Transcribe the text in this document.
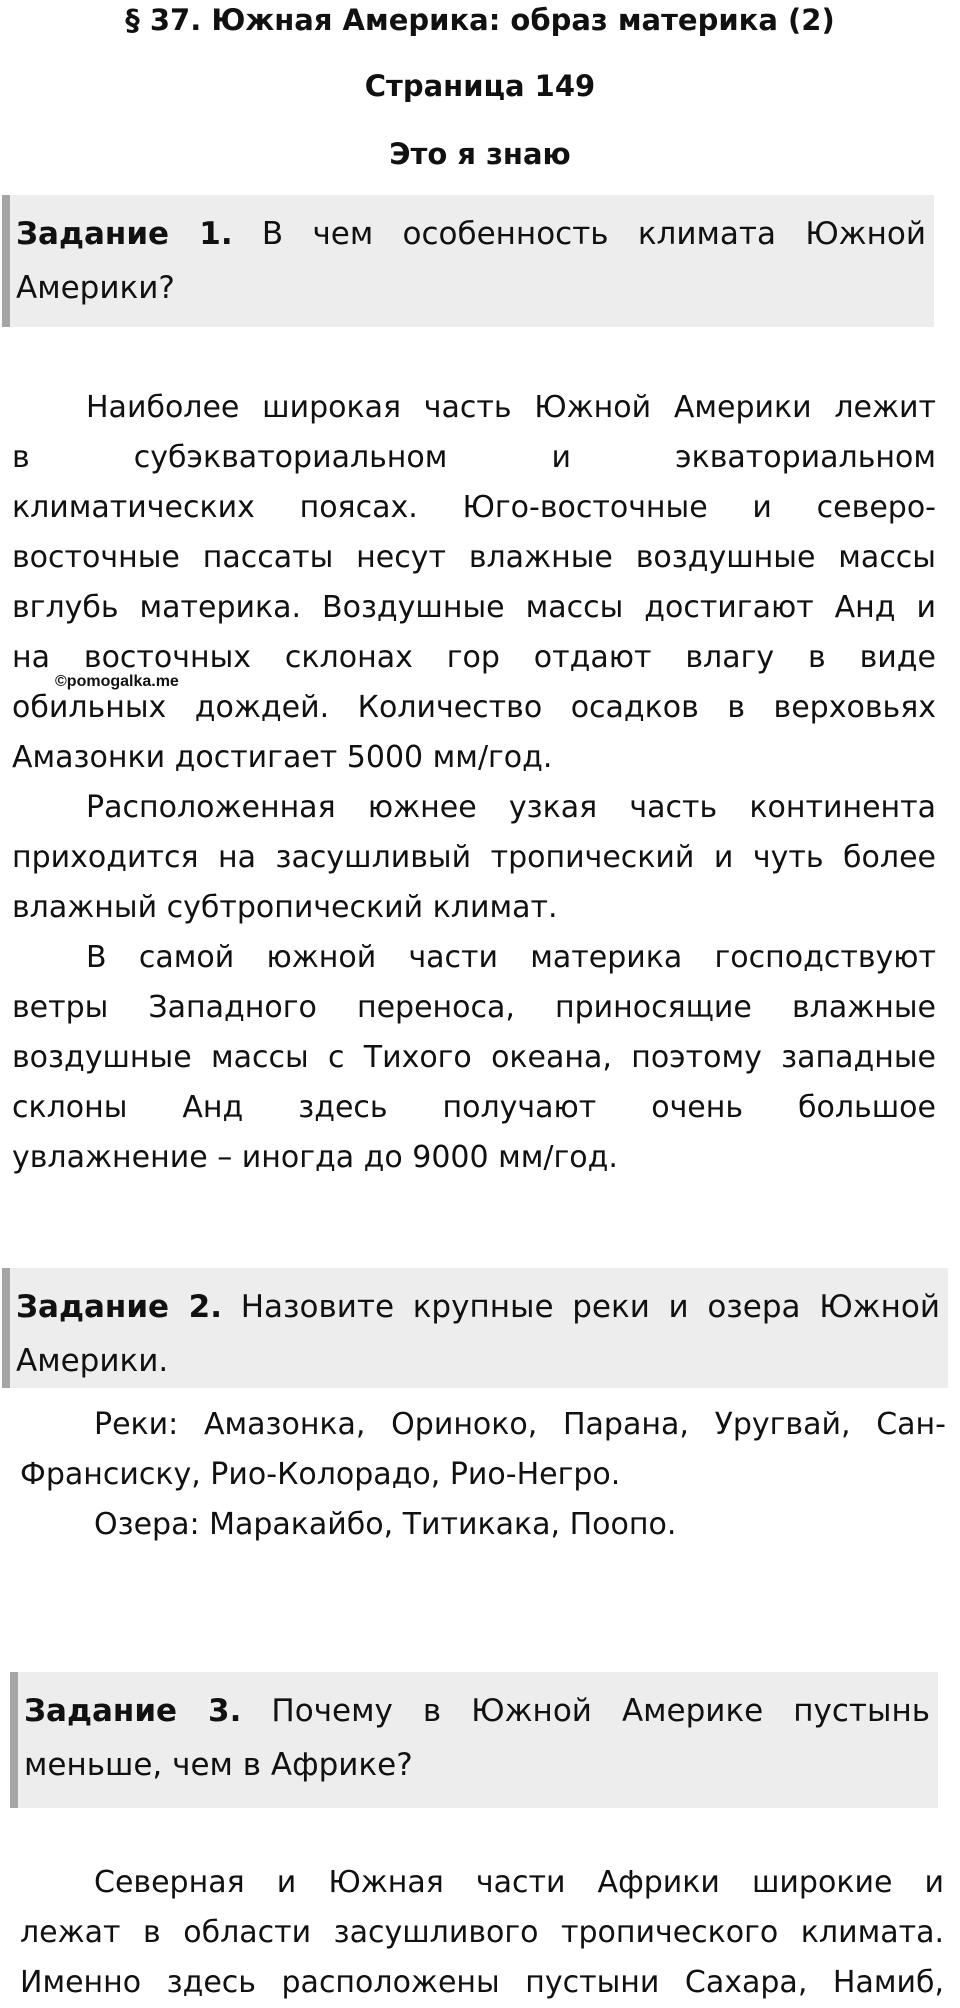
§ 37. Южная Америка: образ материка (2)
Страница 149
Это я знаю
Задание 1. В чем особенность климата Южной
Америки?
Наиболее широкая часть Южной Америки лежит
в субэкваториальном и экваториальном
климатических поясах. Юго-восточные и северо-
восточные пассаты несут влажные воздушные массы
вглубь материка. Воздушные массы достигают Анд и
на восточных склонах гор отдают влагу в виде
обильных дождей. Количество осадков в верховьях
Амазонки достигает 5000 мм/год.
©pomogalka.me
Расположенная южнее узкая часть континента
приходится на засушливый тропический и чуть более
влажный субтропический климат.
В самой южной части материка господствуют
ветры Западного переноса, приносящие влажные
воздушные массы с Тихого океана, поэтому западные
склоны Анд здесь получают очень большое
увлажнение – иногда до 9000 мм/год.
Задание 2. Назовите крупные реки и озера Южной
Америки.
Реки: Амазонка, Ориноко, Парана, Уругвай, Сан-
Франсиску, Рио-Колорадо, Рио-Негро.
Озера: Маракайбо, Титикака, Поопо.
Задание 3. Почему в Южной Америке пустынь
меньше, чем в Африке?
Северная и Южная части Африки широкие и
лежат в области засушливого тропического климата.
Именно здесь расположены пустыни Сахара, Намиб,
